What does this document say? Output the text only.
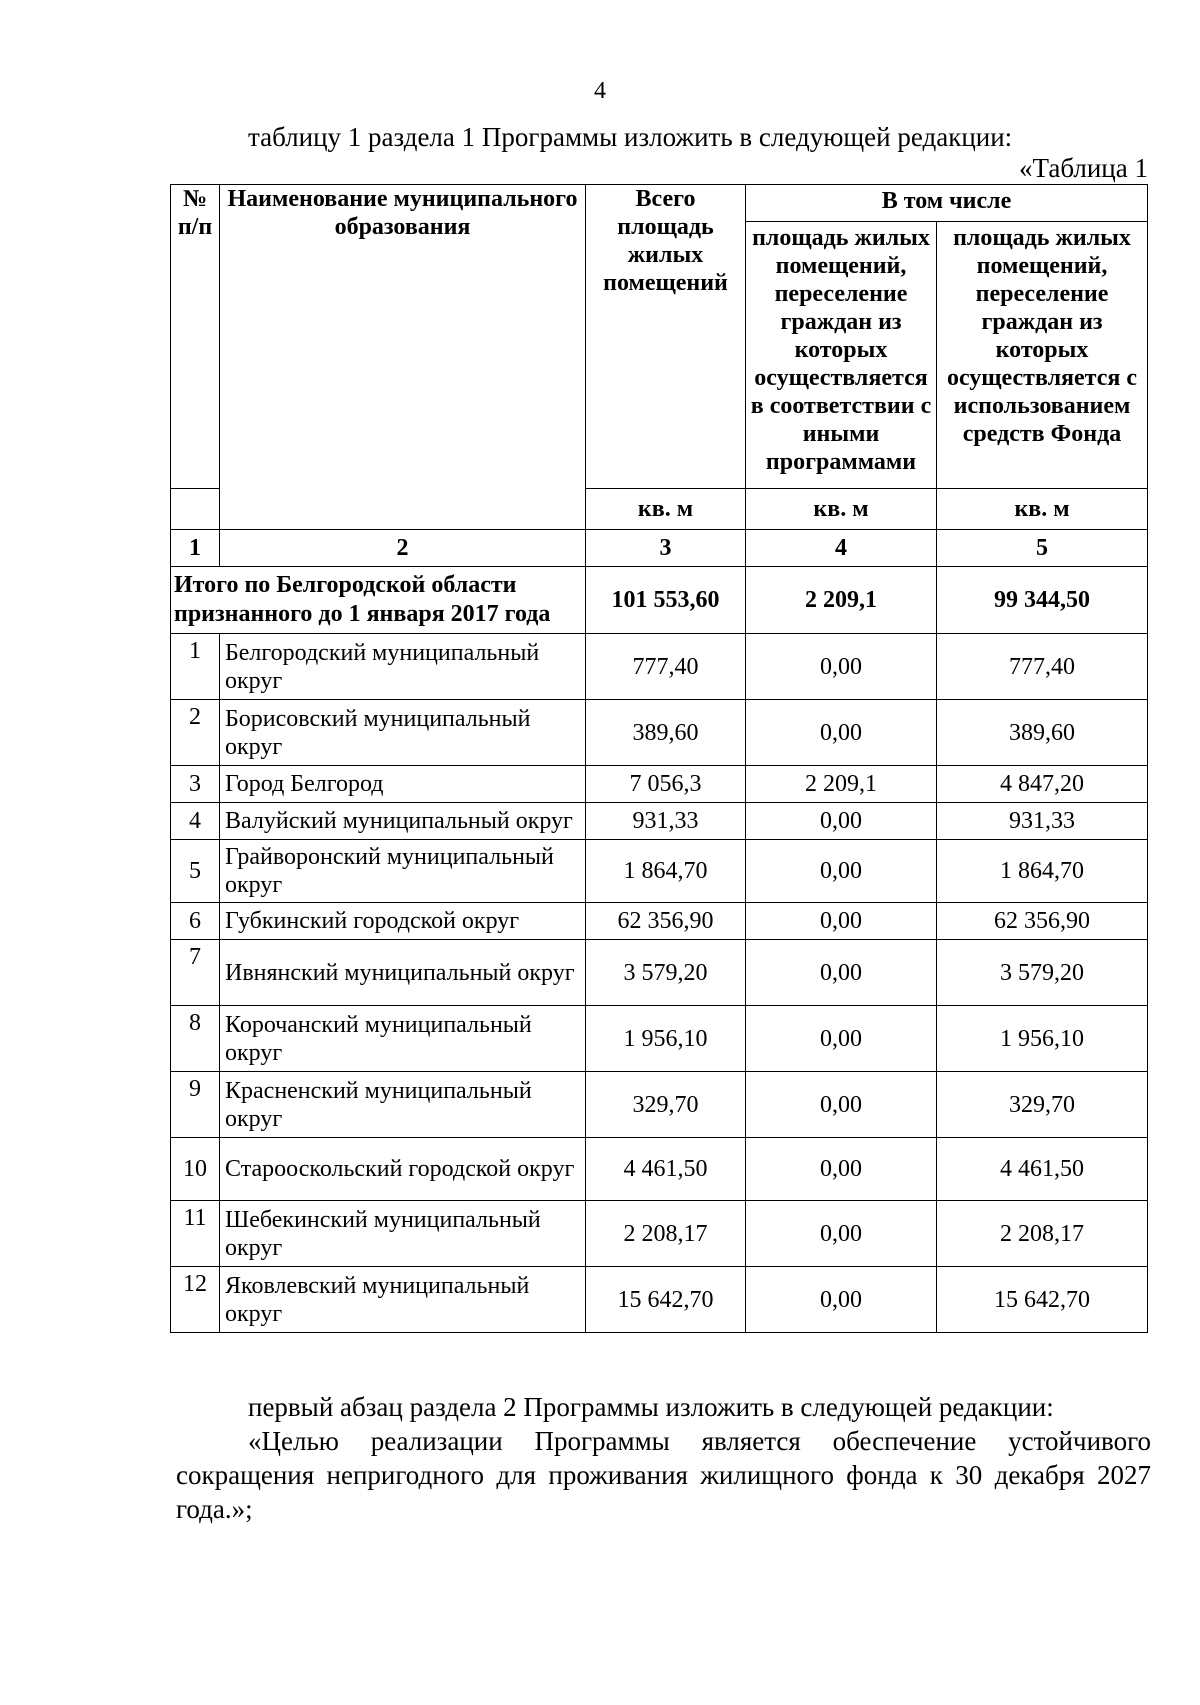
4
таблицу 1 раздела 1 Программы изложить в следующей редакции:
«Таблица 1
№ п/п	Наименование муниципального образования	Всего площадь жилых помещений	В том числе	
			площадь жилых помещений, переселение граждан из которых осуществляется в соответствии с иными программами	площадь жилых помещений, переселение граждан из которых осуществляется с использованием средств Фонда
		кв. м	кв. м	кв. м
1	2	3	4	5
Итого по Белгородской области признанного до 1 января 2017 года		101 553,60	2 209,1	99 344,50
1	Белгородский муниципальный округ	777,40	0,00	777,40
2	Борисовский муниципальный округ	389,60	0,00	389,60
3	Город Белгород	7 056,3	2 209,1	4 847,20
4	Валуйский муниципальный округ	931,33	0,00	931,33
5	Грайворонский муниципальный округ	1 864,70	0,00	1 864,70
6	Губкинский городской округ	62 356,90	0,00	62 356,90
7	Ивнянский муниципальный округ	3 579,20	0,00	3 579,20
8	Корочанский муниципальный округ	1 956,10	0,00	1 956,10
9	Красненский муниципальный округ	329,70	0,00	329,70
10	Старооскольский городской округ	4 461,50	0,00	4 461,50
11	Шебекинский муниципальный округ	2 208,17	0,00	2 208,17
12	Яковлевский муниципальный округ	15 642,70	0,00	15 642,70

первый абзац раздела 2 Программы изложить в следующей редакции:

«Целью реализации Программы является обеспечение устойчивого сокращения непригодного для проживания жилищного фонда к 30 декабря 2027 года.»;
